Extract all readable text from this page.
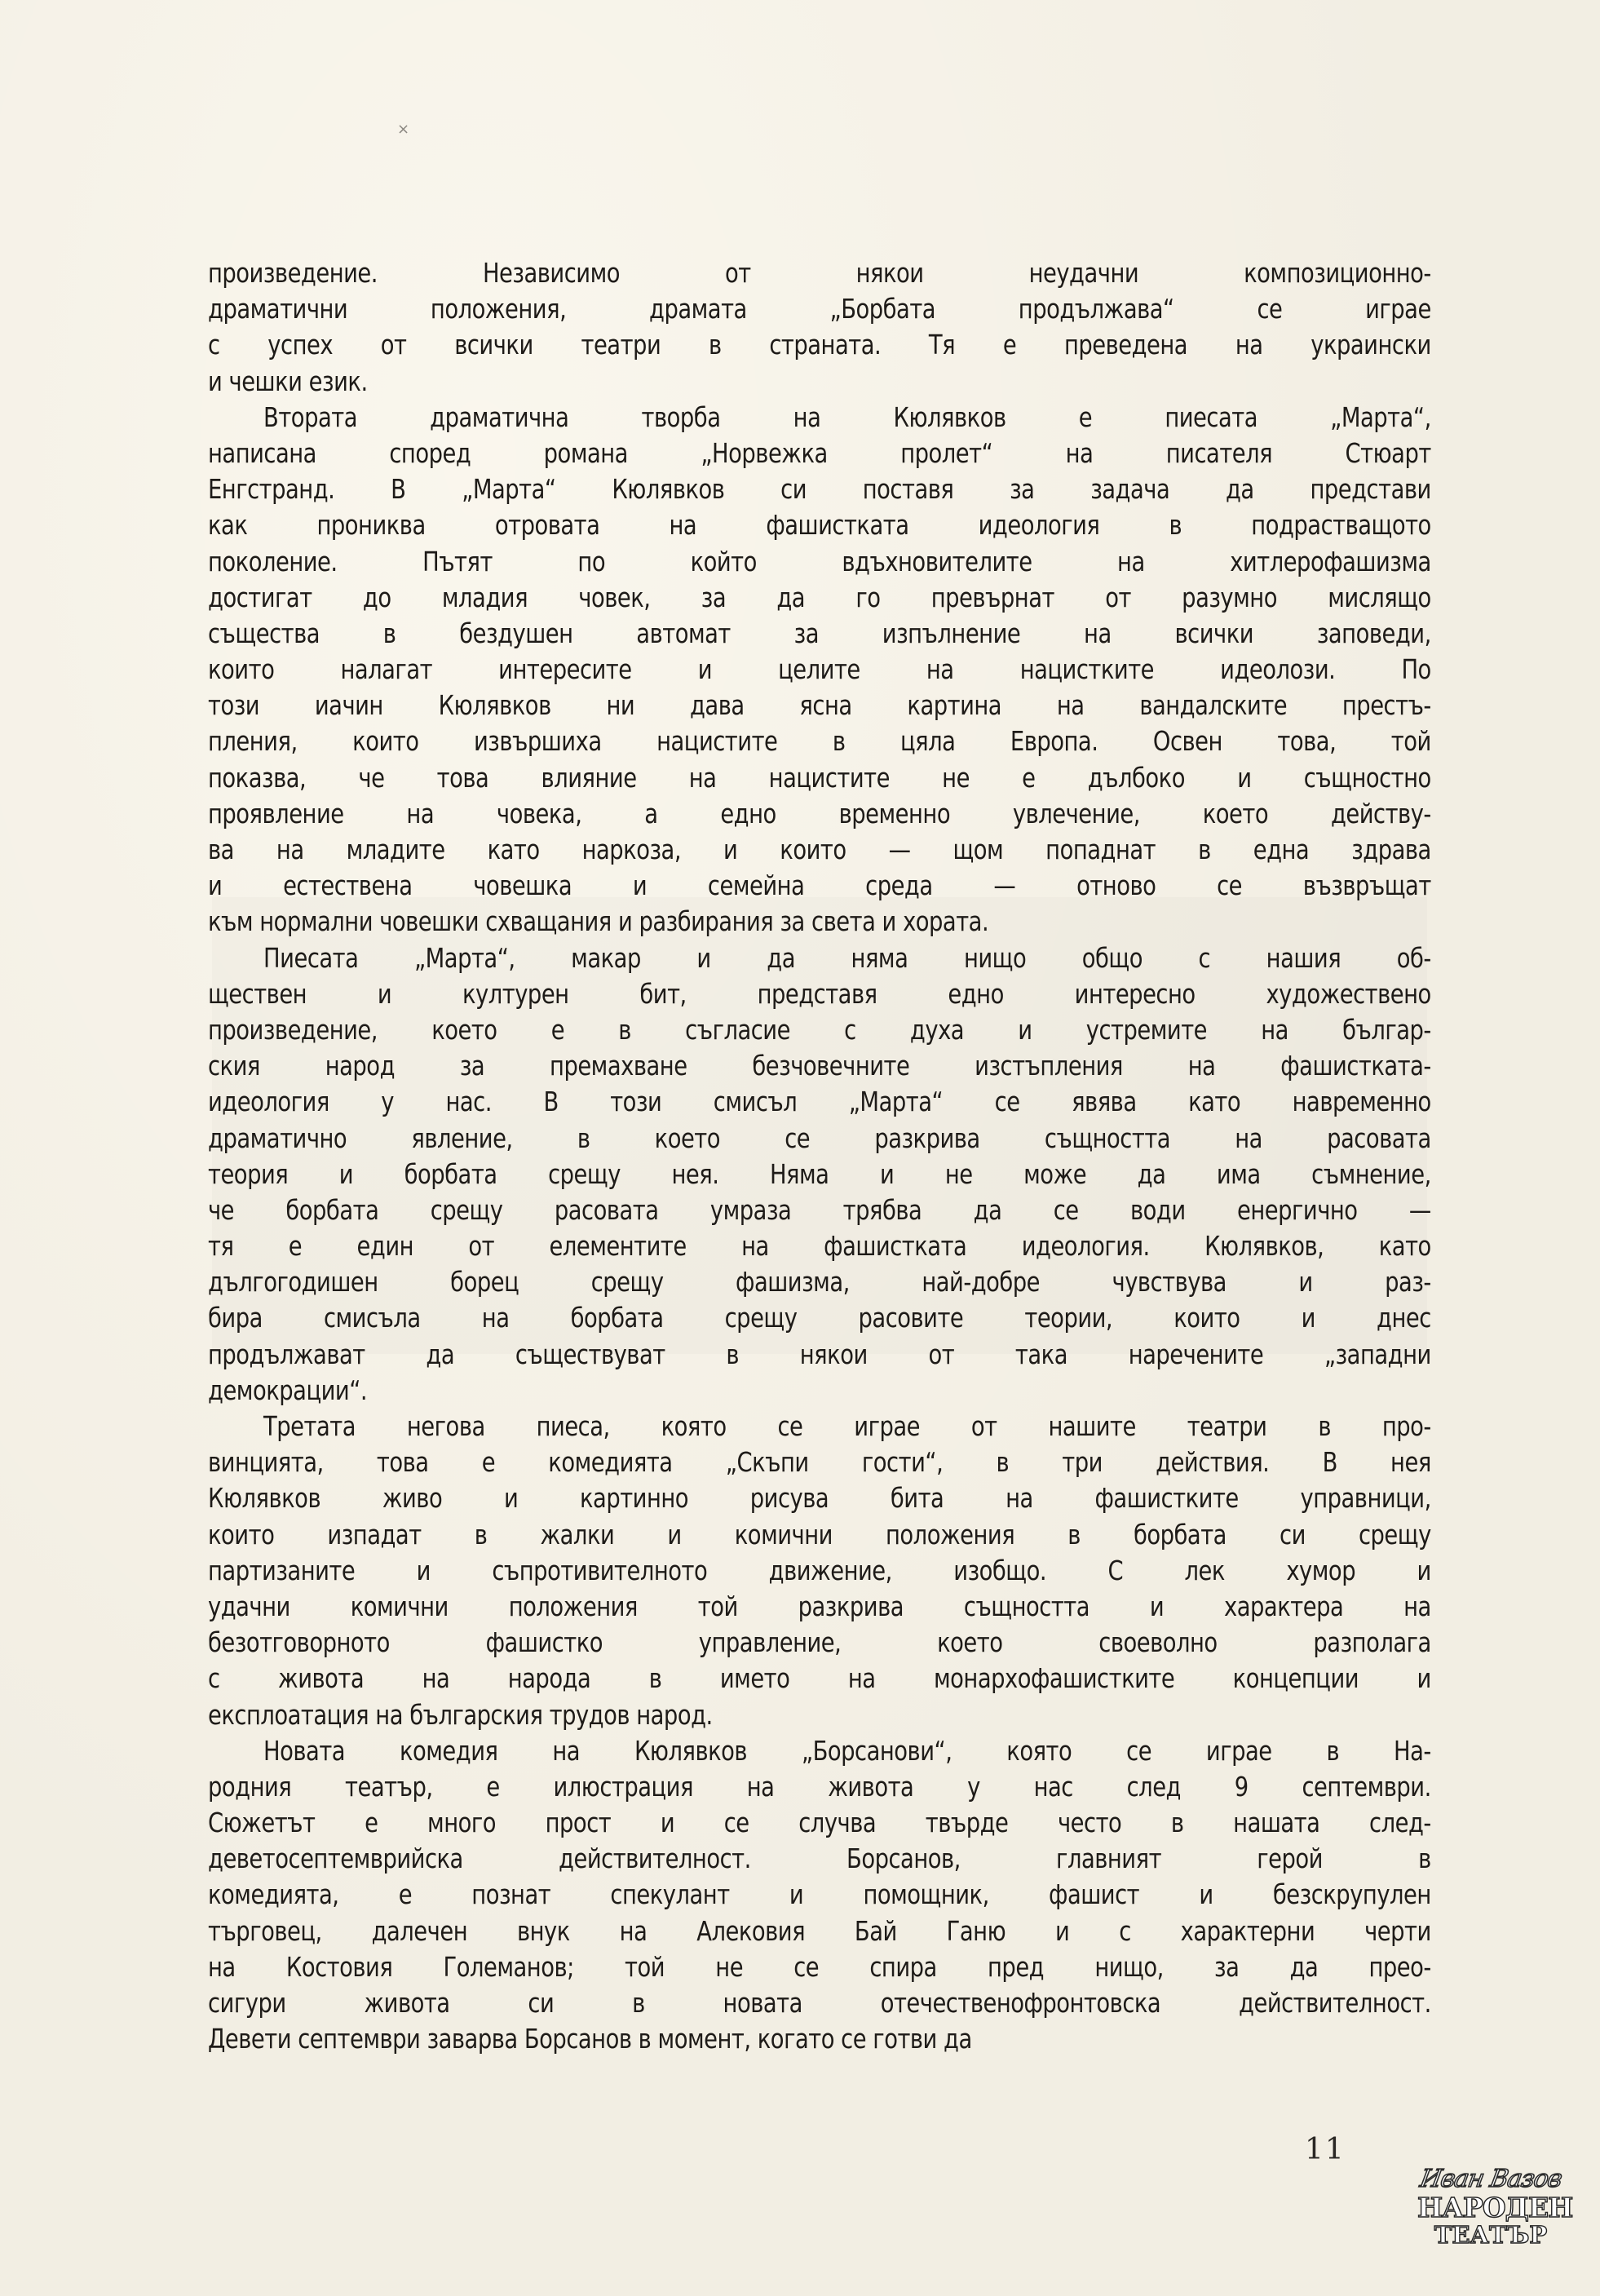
×
произведение. Независимо от някои неудачни композиционно-
драматични положения, драмата „Борбата продължава“ се играе
с успех от всички театри в страната. Тя е преведена на украински
и чешки език.
Втората драматична творба на Кюлявков е пиесата „Марта“,
написана според романа „Норвежка пролет“ на писателя Стюарт
Енгстранд. В „Марта“ Кюлявков си поставя за задача да представи
как прониква отровата на фашистката идеология в подрастващото
поколение. Пътят по който вдъхновителите на хитлерофашизма
достигат до младия човек, за да го превърнат от разумно мислящо
същества в бездушен автомат за изпълнение на всички заповеди,
които налагат интересите и целите на нацистките идеолози. По
този иачин Кюлявков ни дава ясна картина на вандалските престъ-
пления, които извършиха нацистите в цяла Европа. Освен това, той
показва, че това влияние на нацистите не е дълбоко и същностно
проявление на човека, а едно временно увлечение, което действу-
ва на младите като наркоза, и които — щом попаднат в една здрава
и естествена човешка и семейна среда — отново се възвръщат
към нормални човешки схващания и разбирания за света и хората.
Пиесата „Марта“, макар и да няма нищо общо с нашия об-
ществен и културен бит, представя едно интересно художествено
произведение, което е в съгласие с духа и устремите на българ-
ския народ за премахване безчовечните изстъпления на фашистката-
идеология у нас. В този смисъл „Марта“ се явява като навременно
драматично явление, в което се разкрива същността на расовата
теория и борбата срещу нея. Няма и не може да има съмнение,
че борбата срещу расовата умраза трябва да се води енергично —
тя е един от елементите на фашистката идеология. Кюлявков, като
дългогодишен борец срещу фашизма, най-добре чувствува и раз-
бира смисъла на борбата срещу расовите теории, които и днес
продължават да съществуват в някои от така наречените „западни
демокрации“.
Третата негова пиеса, която се играе от нашите театри в про-
винцията, това е комедията „Скъпи гости“, в три действия. В нея
Кюлявков живо и картинно рисува бита на фашистките управници,
които изпадат в жалки и комични положения в борбата си срещу
партизаните и съпротивителното движение, изобщо. С лек хумор и
удачни комични положения той разкрива същността и характера на
безотговорното фашистко управление, което своеволно разполага
с живота на народа в името на монархофашистките концепции и
експлоатация на българския трудов народ.
Новата комедия на Кюлявков „Борсанови“, която се играе в На-
родния театър, е илюстрация на живота у нас след 9 септември.
Сюжетът е много прост и се случва твърде често в нашата след-
деветосептемврийска действителност. Борсанов, главният герой в
комедията, е познат спекулант и помощник, фашист и безскрупулен
търговец, далечен внук на Алековия Бай Ганю и с характерни черти
на Костовия Големанов; той не се спира пред нищо, за да прео-
сигури живота си в новата отечественофронтовска действителност.
Девети септември заварва Борсанов в момент, когато се готви да
11
Иван Вазов
НАРОДЕН
ТЕАТЪР
